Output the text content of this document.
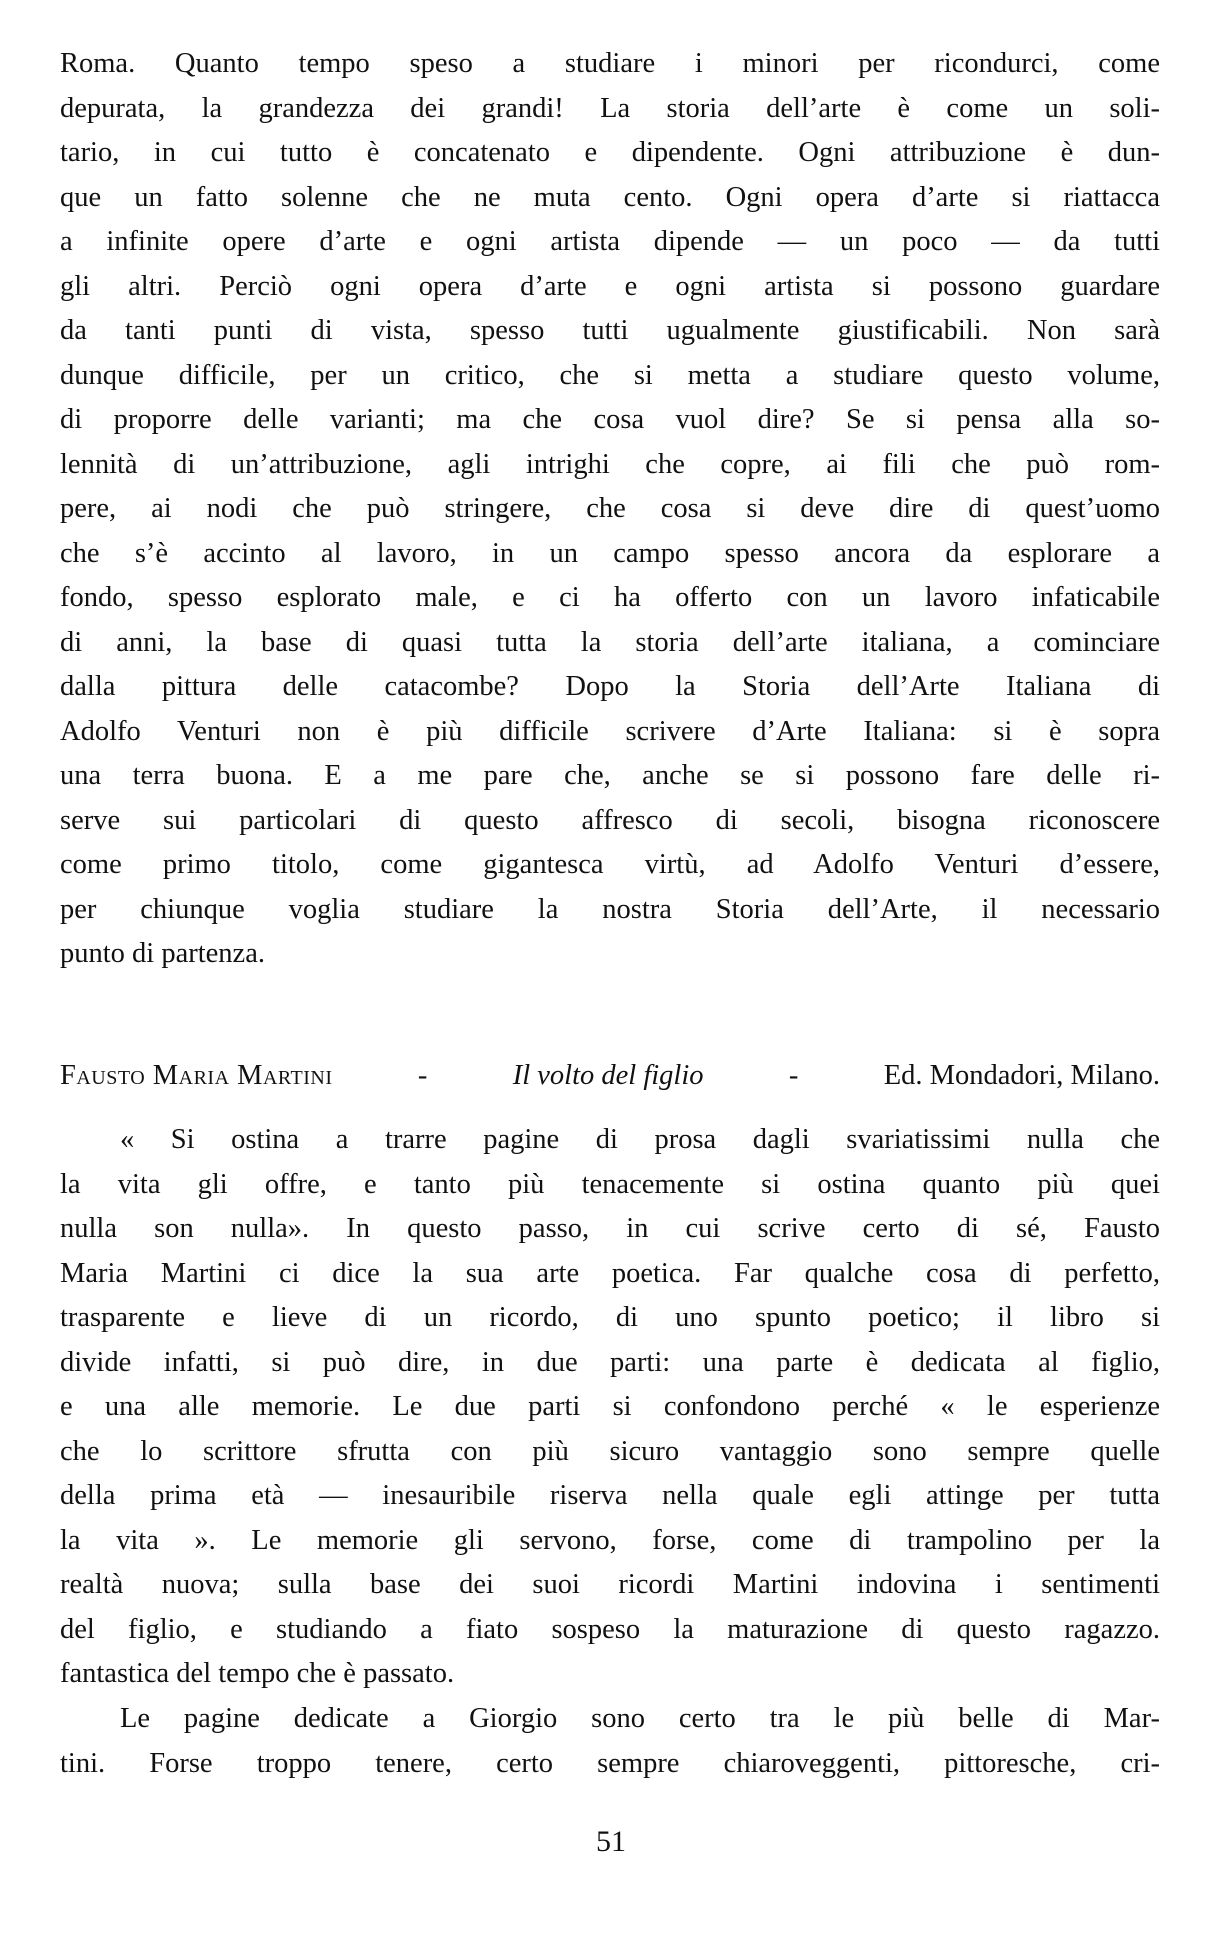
Roma. Quanto tempo speso a studiare i minori per ricondurci, come
depurata, la grandezza dei grandi! La storia dell’arte è come un soli-
tario, in cui tutto è concatenato e dipendente. Ogni attribuzione è dun-
que un fatto solenne che ne muta cento. Ogni opera d’arte si riattacca
a infinite opere d’arte e ogni artista dipende — un poco — da tutti
gli altri. Perciò ogni opera d’arte e ogni artista si possono guardare
da tanti punti di vista, spesso tutti ugualmente giustificabili. Non sarà
dunque difficile, per un critico, che si metta a studiare questo volume,
di proporre delle varianti; ma che cosa vuol dire? Se si pensa alla so-
lennità di un’attribuzione, agli intrighi che copre, ai fili che può rom-
pere, ai nodi che può stringere, che cosa si deve dire di quest’uomo
che s’è accinto al lavoro, in un campo spesso ancora da esplorare a
fondo, spesso esplorato male, e ci ha offerto con un lavoro infaticabile
di anni, la base di quasi tutta la storia dell’arte italiana, a cominciare
dalla pittura delle catacombe? Dopo la Storia dell’Arte Italiana di
Adolfo Venturi non è più difficile scrivere d’Arte Italiana: si è sopra
una terra buona. E a me pare che, anche se si possono fare delle ri-
serve sui particolari di questo affresco di secoli, bisogna riconoscere
come primo titolo, come gigantesca virtù, ad Adolfo Venturi d’essere,
per chiunque voglia studiare la nostra Storia dell’Arte, il necessario
punto di partenza.
Fausto Maria Martini	-	Il volto del figlio	-	Ed. Mondadori, Milano.
« Si ostina a trarre pagine di prosa dagli svariatissimi nulla che
la vita gli offre, e tanto più tenacemente si ostina quanto più quei
nulla son nulla». In questo passo, in cui scrive certo di sé, Fausto
Maria Martini ci dice la sua arte poetica. Far qualche cosa di perfetto,
trasparente e lieve di un ricordo, di uno spunto poetico; il libro si
divide infatti, si può dire, in due parti: una parte è dedicata al figlio,
e una alle memorie. Le due parti si confondono perché « le esperienze
che lo scrittore sfrutta con più sicuro vantaggio sono sempre quelle
della prima età — inesauribile riserva nella quale egli attinge per tutta
la vita ». Le memorie gli servono, forse, come di trampolino per la
realtà nuova; sulla base dei suoi ricordi Martini indovina i sentimenti
del figlio, e studiando a fiato sospeso la maturazione di questo ragazzo.
fantastica del tempo che è passato.
Le pagine dedicate a Giorgio sono certo tra le più belle di Mar-
tini. Forse troppo tenere, certo sempre chiaroveggenti, pittoresche, cri-
51
